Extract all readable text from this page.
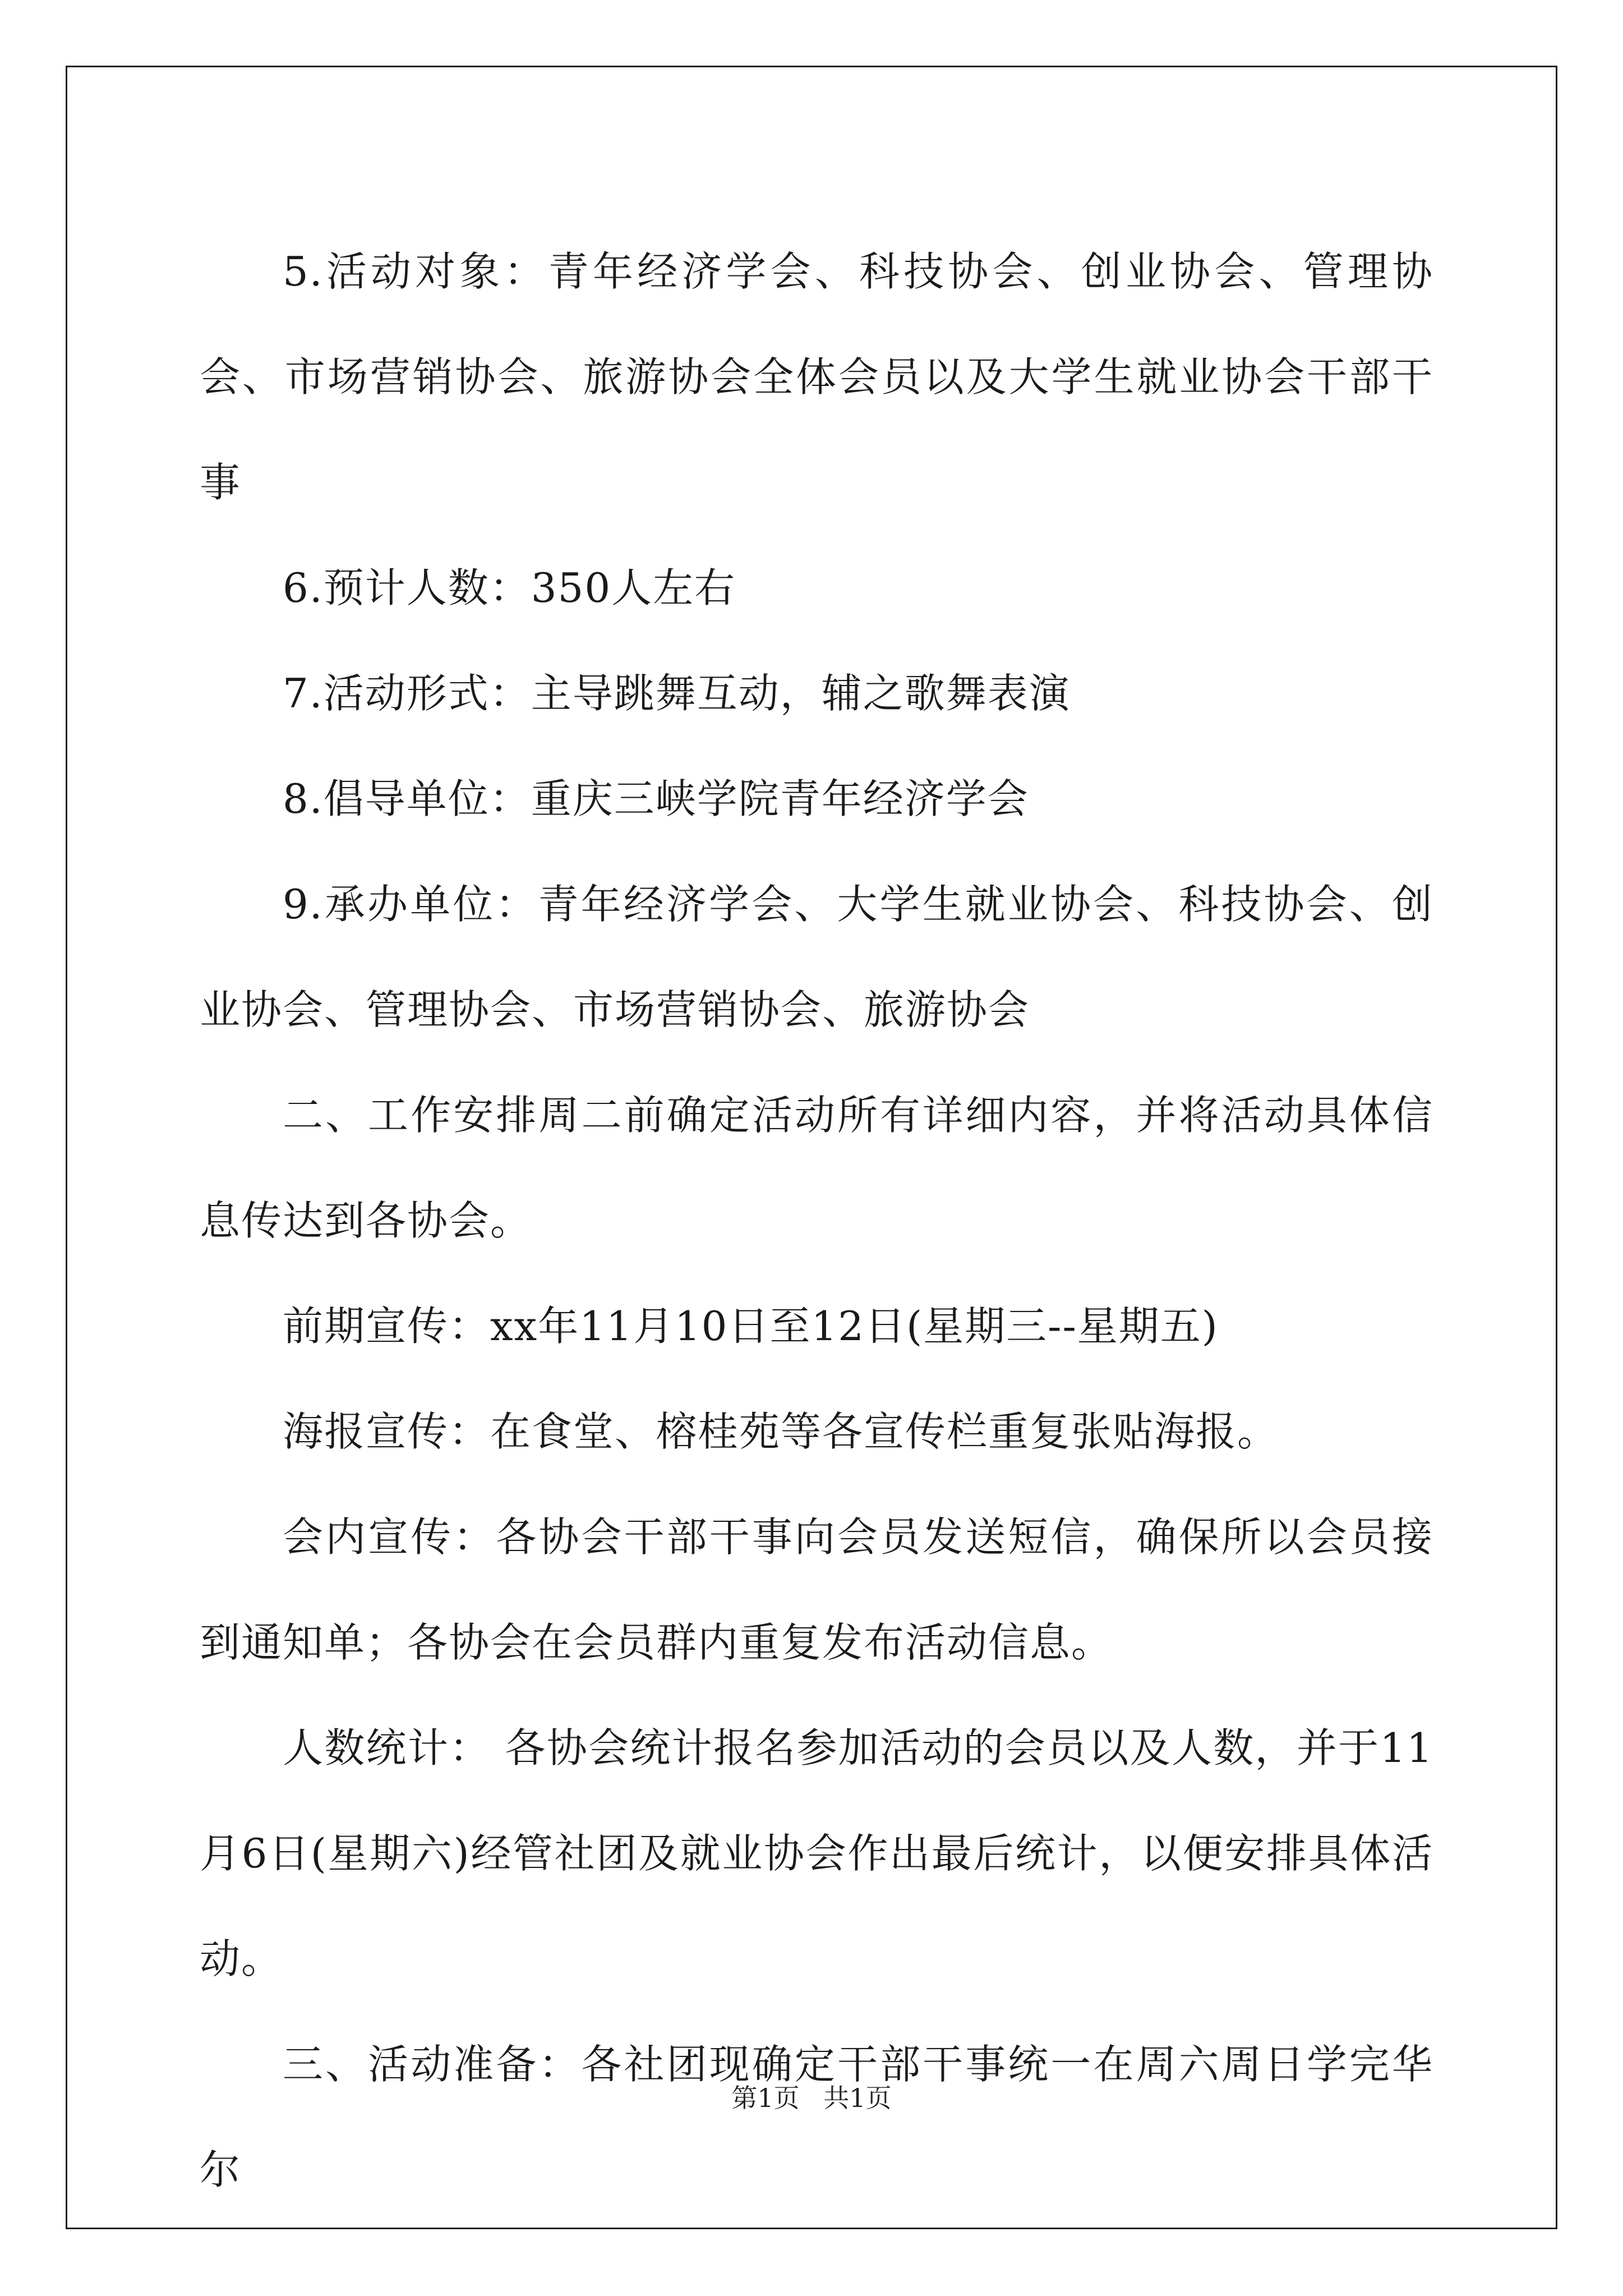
5.活动对象：青年经济学会、科技协会、创业协会、管理协会、市场营销协会、旅游协会全体会员以及大学生就业协会干部干事

6.预计人数：350人左右

7.活动形式：主导跳舞互动，辅之歌舞表演

8.倡导单位：重庆三峡学院青年经济学会

9.承办单位：青年经济学会、大学生就业协会、科技协会、创业协会、管理协会、市场营销协会、旅游协会

二、工作安排周二前确定活动所有详细内容，并将活动具体信息传达到各协会。

前期宣传：xx年11月10日至12日(星期三--星期五)

海报宣传：在食堂、榕桂苑等各宣传栏重复张贴海报。

会内宣传：各协会干部干事向会员发送短信，确保所以会员接到通知单；各协会在会员群内重复发布活动信息。

人数统计： 各协会统计报名参加活动的会员以及人数，并于11月6日(星期六)经管社团及就业协会作出最后统计，以便安排具体活动。

三、活动准备：各社团现确定干部干事统一在周六周日学完华尔

第1页 共1页
